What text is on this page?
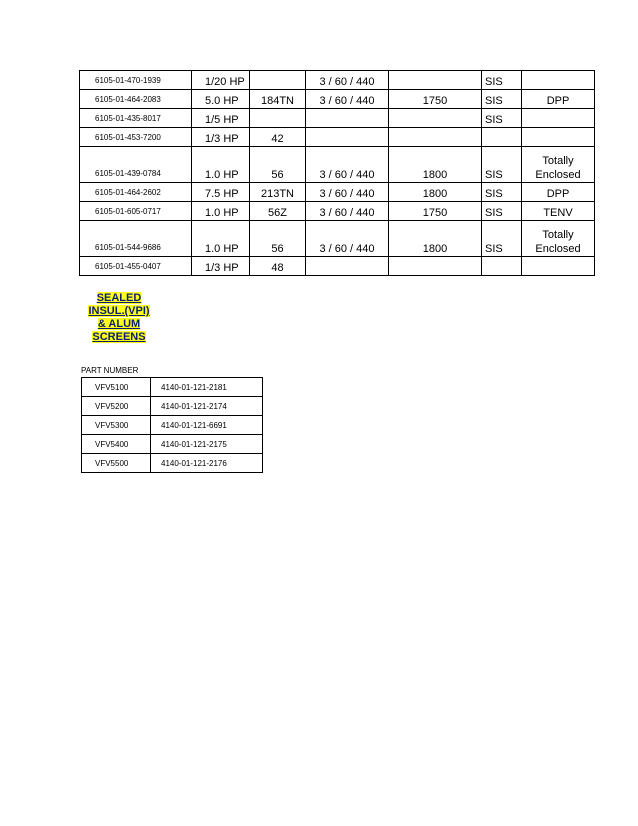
6105-01-470-1939	1/20 HP		3 / 60 / 440		SIS	

6105-01-464-2083	5.0 HP	184TN	3 / 60 / 440	1750	SIS	DPP

6105-01-435-8017	1/5 HP				SIS	

6105-01-453-7200	1/3 HP	42				

6105-01-439-0784	1.0 HP	56	3 / 60 / 440	1800	SIS	Totally
Enclosed

6105-01-464-2602	7.5 HP	213TN	3 / 60 / 440	1800	SIS	DPP

6105-01-605-0717	1.0 HP	56Z	3 / 60 / 440	1750	SIS	TENV

6105-01-544-9686	1.0 HP	56	3 / 60 / 440	1800	SIS	Totally
Enclosed

6105-01-455-0407	1/3 HP	48				
SEALED
INSUL.(VPI)
& ALUM
SCREENS
PART NUMBER
VFV5100	4140-01-121-2181
VFV5200	4140-01-121-2174
VFV5300	4140-01-121-6691
VFV5400	4140-01-121-2175
VFV5500	4140-01-121-2176
